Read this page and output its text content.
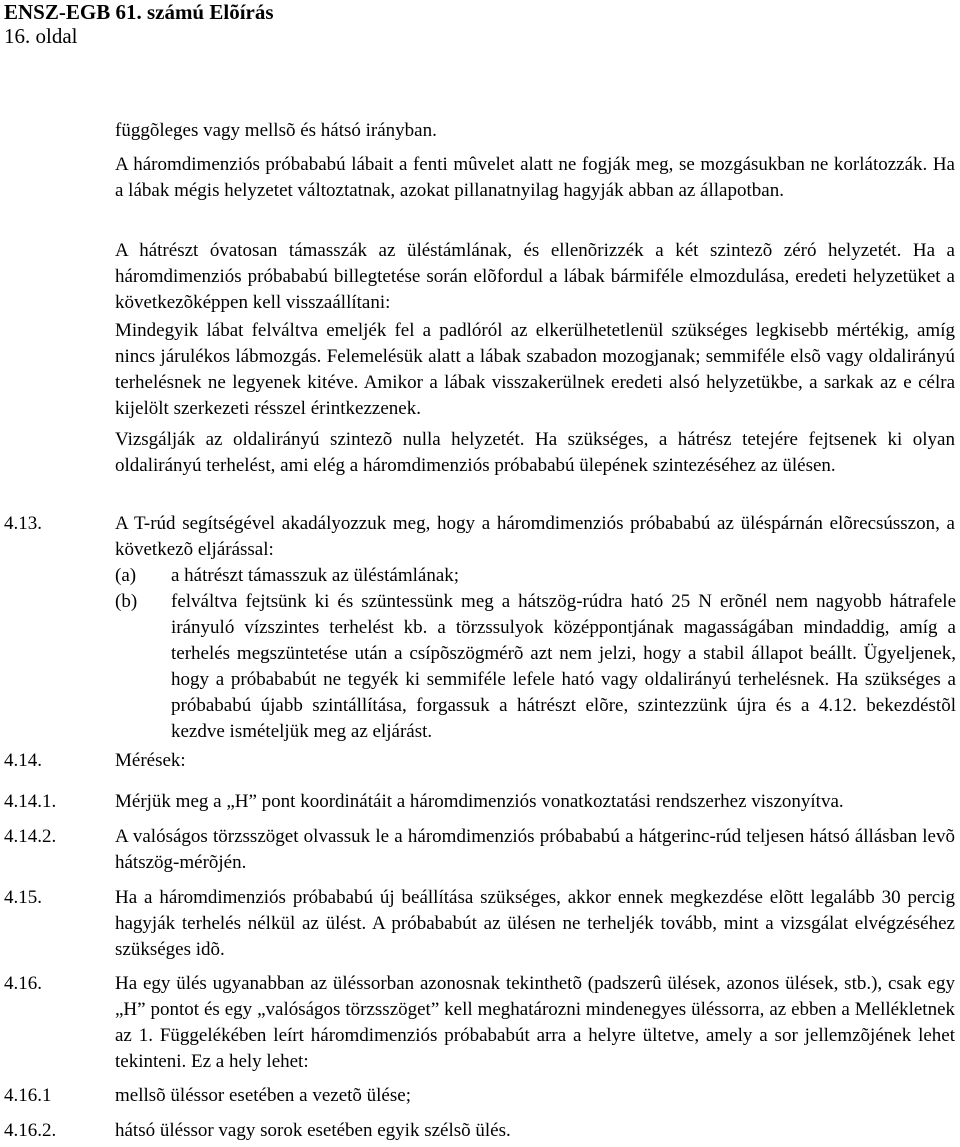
ENSZ-EGB 61. számú Elõírás
16. oldal
függõleges vagy mellsõ és hátsó irányban.
A háromdimenziós próbababú lábait a fenti mûvelet alatt ne fogják meg, se mozgásukban ne korlátozzák. Ha a lábak mégis helyzetet változtatnak, azokat pillanatnyilag hagyják abban az állapotban.
A hátrészt óvatosan támasszák az üléstámlának, és ellenõrizzék a két szintezõ zéró helyzetét. Ha a háromdimenziós próbababú billegtetése során elõfordul a lábak bármiféle elmozdulása, eredeti helyzetüket a következõképpen kell visszaállítani:
Mindegyik lábat felváltva emeljék fel a padlóról az elkerülhetetlenül szükséges legkisebb mértékig, amíg nincs járulékos lábmozgás. Felemelésük alatt a lábak szabadon mozogjanak; semmiféle elsõ vagy oldalirányú terhelésnek ne legyenek kitéve. Amikor a lábak visszakerülnek eredeti alsó helyzetükbe, a sarkak az e célra kijelölt szerkezeti résszel érintkezzenek.
Vizsgálják az oldalirányú szintezõ nulla helyzetét. Ha szükséges, a hátrész tetejére fejtsenek ki olyan oldalirányú terhelést, ami elég a háromdimenziós próbababú ülepének szintezéséhez az ülésen.
4.13.	A T-rúd segítségével akadályozzuk meg, hogy a háromdimenziós próbababú az üléspárnán elõrecsússzon, a következõ eljárással:
(a) a hátrészt támasszuk az üléstámlának;
(b) felváltva fejtsünk ki és szüntessünk meg a hátszög-rúdra ható 25 N erõnél nem nagyobb hátrafele irányuló vízszintes terhelést kb. a törzssulyok középpontjának magasságában mindaddig, amíg a terhelés megszüntetése után a csípõszögmérõ azt nem jelzi, hogy a stabil állapot beállt. Ügyeljenek, hogy a próbababút ne tegyék ki semmiféle lefele ható vagy oldalirányú terhelésnek. Ha szükséges a próbababú újabb szintállítása, forgassuk a hátrészt elõre, szintezzünk újra és a 4.12. bekezdéstõl kezdve ismételjük meg az eljárást.
4.14.	Mérések:
4.14.1.	Mérjük meg a „H” pont koordinátáit a háromdimenziós vonatkoztatási rendszerhez viszonyítva.
4.14.2.	A valóságos törzsszöget olvassuk le a háromdimenziós próbababú a hátgerinc-rúd teljesen hátsó állásban levõ hátszög-mérõjén.
4.15.	Ha a háromdimenziós próbababú új beállítása szükséges, akkor ennek megkezdése elõtt legalább 30 percig hagyják terhelés nélkül az ülést. A próbababút az ülésen ne terheljék tovább, mint a vizsgálat elvégzéséhez szükséges idõ.
4.16.	Ha egy ülés ugyanabban az üléssorban azonosnak tekinthetõ (padszerû ülések, azonos ülések, stb.), csak egy „H” pontot és egy „valóságos törzsszöget” kell meghatározni mindenegyes üléssorra, az ebben a Mellékletnek az 1. Függelékében leírt háromdimenziós próbababút arra a helyre ültetve, amely a sor jellemzõjének lehet tekinteni. Ez a hely lehet:
4.16.1	mellsõ üléssor esetében a vezetõ ülése;
4.16.2.	hátsó üléssor vagy sorok esetében egyik szélsõ ülés.
